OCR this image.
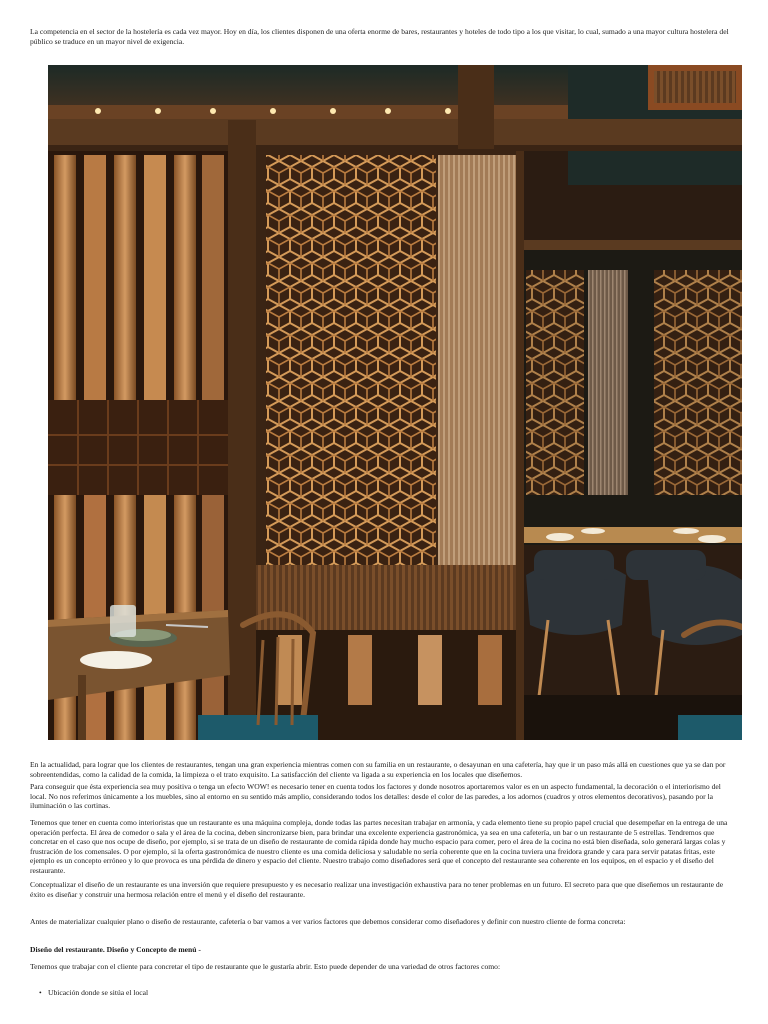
La competencia en el sector de la hostelería es cada vez mayor. Hoy en día, los clientes disponen de una oferta enorme de bares, restaurantes y hoteles de todo tipo a los que visitar, lo cual, sumado a una mayor cultura hostelera del público se traduce en un mayor nivel de exigencia.

En la actualidad, para lograr que los clientes de restaurantes, tengan una gran experiencia mientras comen con su familia en un restaurante, o desayunan en una cafetería, hay que ir un paso más allá en cuestiones que ya se dan por sobreentendidas, como la calidad de la comida, la limpieza o el trato exquisito. La satisfacción del cliente va ligada a su experiencia en los locales que diseñemos.

Para conseguir que ésta experiencia sea muy positiva o tenga un efecto WOW! es necesario tener en cuenta todos los factores y donde nosotros aportaremos valor es en un aspecto fundamental, la decoración o el interiorismo del local. No nos referimos únicamente a los muebles, sino al entorno en su sentido más amplio, considerando todos los detalles: desde el color de las paredes, a los adornos (cuadros y otros elementos decorativos), pasando por la iluminación o las cortinas.

Tenemos que tener en cuenta como interioristas que un restaurante es una máquina compleja, donde todas las partes necesitan trabajar en armonía, y cada elemento tiene su propio papel crucial que desempeñar en la entrega de una operación perfecta. El área de comedor o sala y el área de la cocina, deben sincronizarse bien, para brindar una excelente experiencia gastronómica, ya sea en una cafetería, un bar o un restaurante de 5 estrellas. Tendremos que concretar en el caso que nos ocupe de diseño, por ejemplo, si se trata de un diseño de restaurante de comida rápida donde hay mucho espacio para comer, pero el área de la cocina no está bien diseñada, solo generará largas colas y frustración de los comensales. O por ejemplo, si la oferta gastronómica de nuestro cliente es una comida deliciosa y saludable no sería coherente que en la cocina tuviera una freidora grande y cara para servir patatas fritas, este ejemplo es un concepto erróneo y lo que provoca es una pérdida de dinero y espacio del cliente. Nuestro trabajo como diseñadores será que el concepto del restaurante sea coherente en los equipos, en el espacio y el diseño del restaurante.

Conceptualizar el diseño de un restaurante es una inversión que requiere presupuesto y es necesario realizar una investigación exhaustiva para no tener problemas en un futuro. El secreto para que que diseñemos un restaurante de éxito es diseñar y construir una hermosa relación entre el menú y el diseño del restaurante.

Antes de materializar cualquier plano o diseño de restaurante, cafetería o bar vamos a ver varios factores que debemos considerar como diseñadores y definir con nuestro cliente de forma concreta:

Diseño del restaurante. Diseño y Concepto de menú -

Tenemos que trabajar con el cliente para concretar el tipo de restaurante que le gustaría abrir. Esto puede depender de una variedad de otros factores como:

• Ubicación donde se sitúa el local
